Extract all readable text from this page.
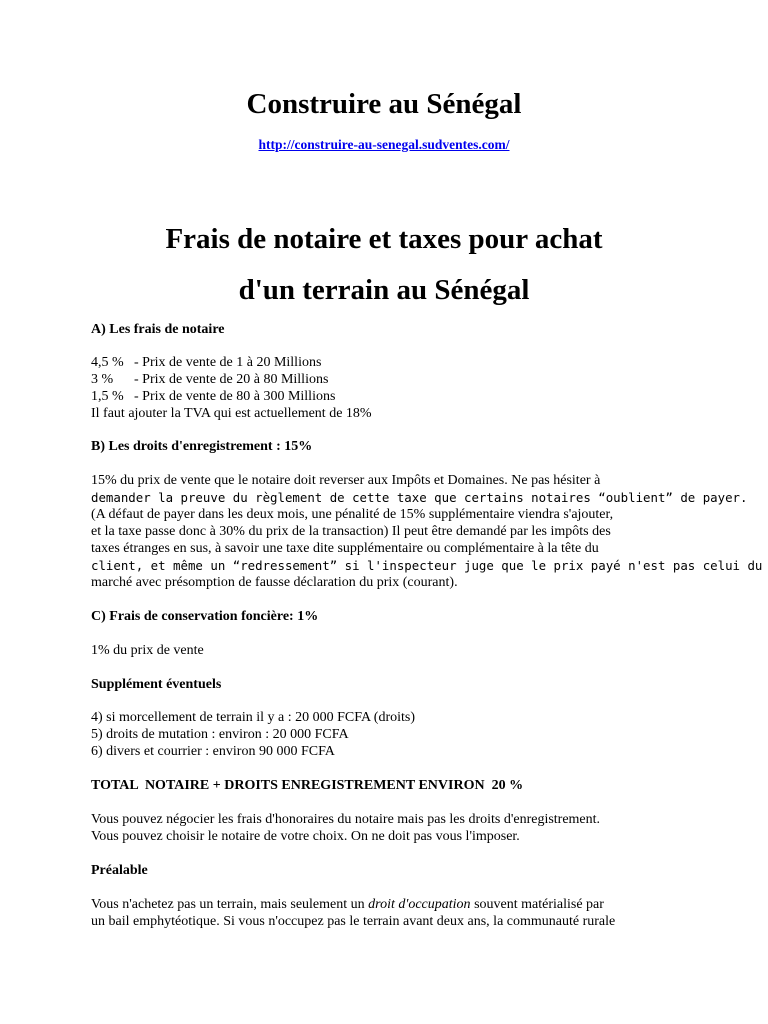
Construire au Sénégal
http://construire-au-senegal.sudventes.com/
Frais de notaire et taxes pour achat
d'un terrain au Sénégal

A) Les frais de notaire

4,5 % - Prix de vente de 1 à 20 Millions
3 %	- Prix de vente de 20 à 80 Millions
1,5 % - Prix de vente de 80 à 300 Millions

Il faut ajouter la TVA qui est actuellement de 18%

B) Les droits d'enregistrement : 15%

15% du prix de vente que le notaire doit reverser aux Impôts et Domaines. Ne pas hésiter à

demander la preuve du règlement de cette taxe que certains notaires “oublient” de payer.

(A défaut de payer dans les deux mois, une pénalité de 15% supplémentaire viendra s'ajouter,

et la taxe passe donc à 30% du prix de la transaction) Il peut être demandé par les impôts des

taxes étranges en sus, à savoir une taxe dite supplémentaire ou complémentaire à la tête du

client, et même un “redressement” si l'inspecteur juge que le prix payé n'est pas celui du

marché avec présomption de fausse déclaration du prix (courant).

C) Frais de conservation foncière: 1%

1% du prix de vente

Supplément éventuels

4) si morcellement de terrain il y a : 20 000 FCFA (droits)

5) droits de mutation : environ : 20 000 FCFA

6) divers et courrier : environ 90 000 FCFA

TOTAL  NOTAIRE + DROITS ENREGISTREMENT ENVIRON  20 %

Vous pouvez négocier les frais d'honoraires du notaire mais pas les droits d'enregistrement.

Vous pouvez choisir le notaire de votre choix. On ne doit pas vous l'imposer.

Préalable

Vous n'achetez pas un terrain, mais seulement un droit d'occupation souvent matérialisé par

un bail emphytéotique. Si vous n'occupez pas le terrain avant deux ans, la communauté rurale
